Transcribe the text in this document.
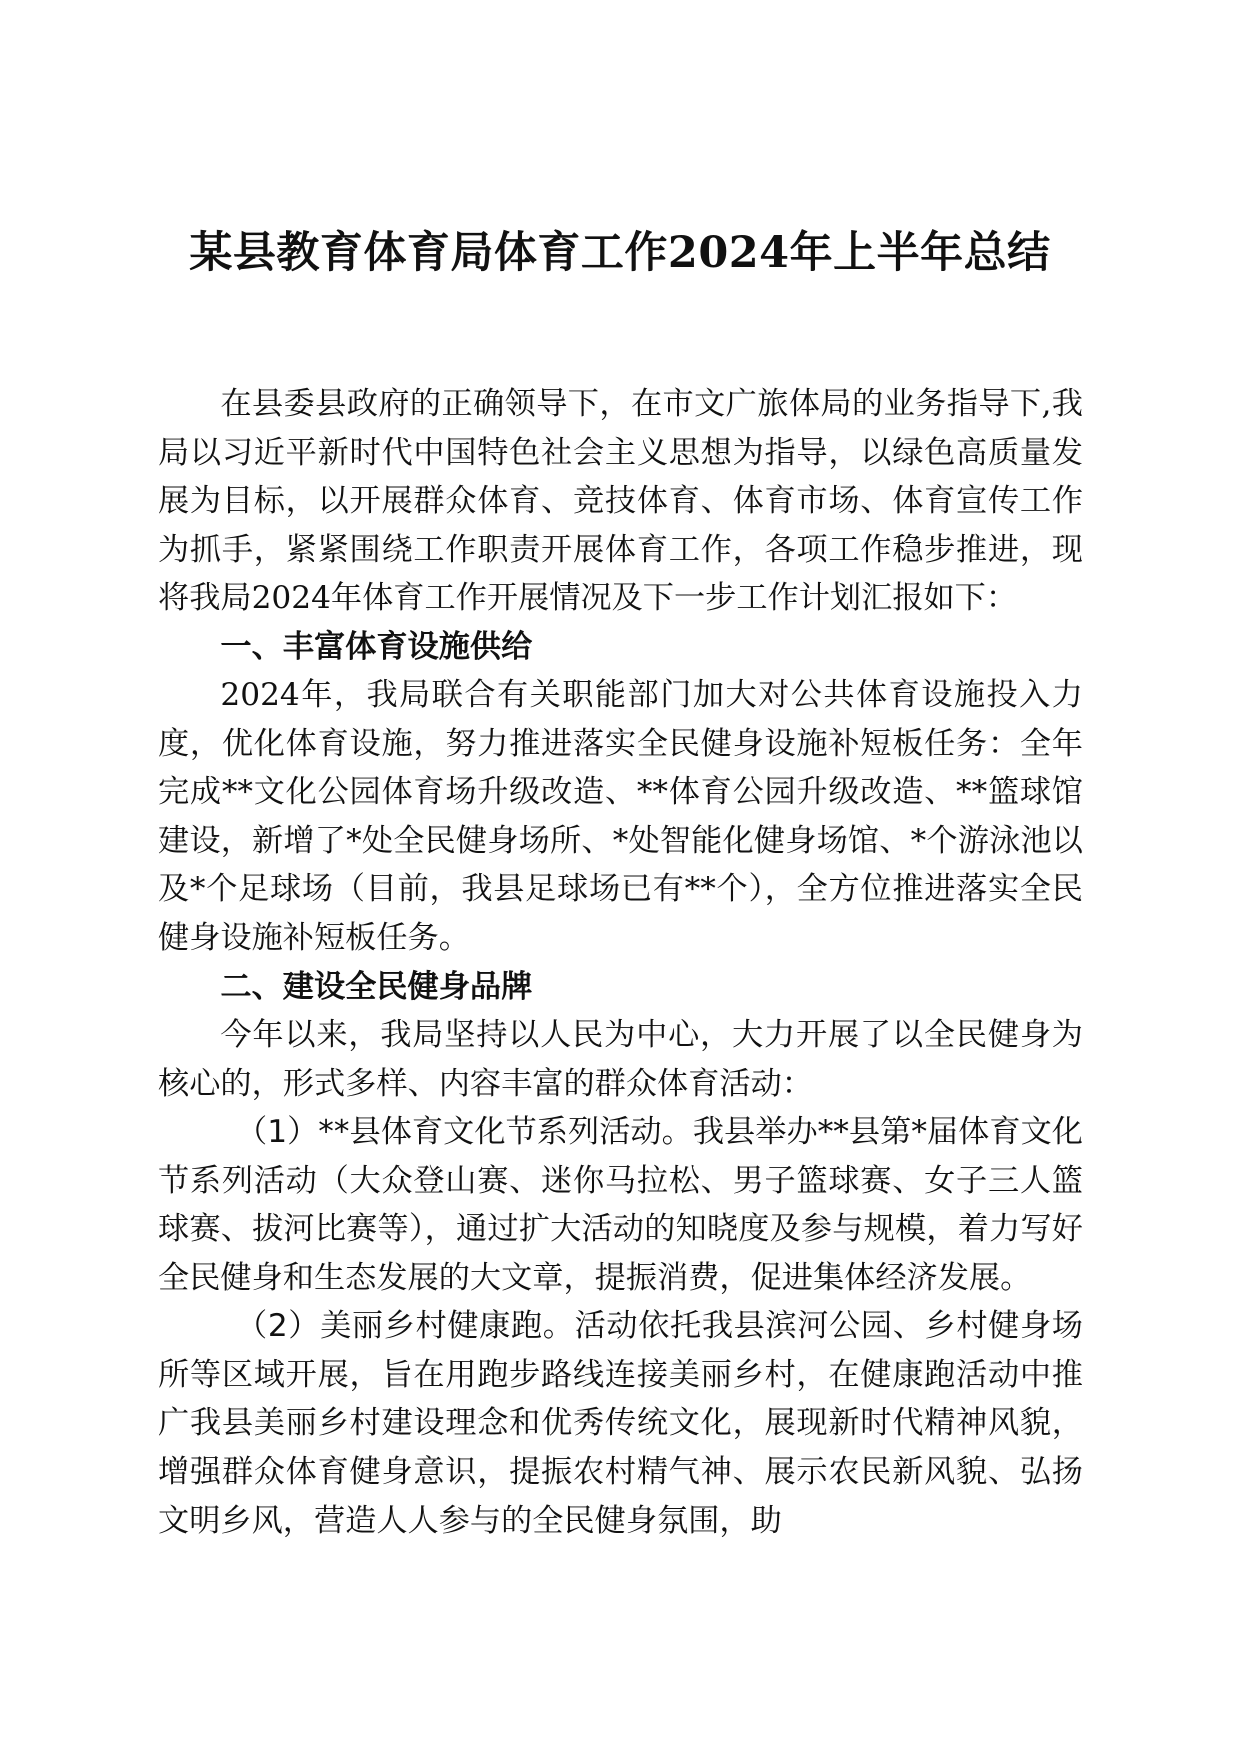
某县教育体育局体育工作2024年上半年总结

在县委县政府的正确领导下，在市文广旅体局的业务指导下,我局以习近平新时代中国特色社会主义思想为指导，以绿色高质量发展为目标，以开展群众体育、竞技体育、体育市场、体育宣传工作为抓手，紧紧围绕工作职责开展体育工作，各项工作稳步推进，现将我局2024年体育工作开展情况及下一步工作计划汇报如下：

一、丰富体育设施供给

2024年，我局联合有关职能部门加大对公共体育设施投入力度，优化体育设施，努力推进落实全民健身设施补短板任务：全年完成**文化公园体育场升级改造、**体育公园升级改造、**篮球馆建设，新增了*处全民健身场所、*处智能化健身场馆、*个游泳池以及*个足球场（目前，我县足球场已有**个），全方位推进落实全民健身设施补短板任务。

二、建设全民健身品牌

今年以来，我局坚持以人民为中心，大力开展了以全民健身为核心的，形式多样、内容丰富的群众体育活动：

（1）**县体育文化节系列活动。我县举办**县第*届体育文化节系列活动（大众登山赛、迷你马拉松、男子篮球赛、女子三人篮球赛、拔河比赛等），通过扩大活动的知晓度及参与规模，着力写好全民健身和生态发展的大文章，提振消费，促进集体经济发展。

（2）美丽乡村健康跑。活动依托我县滨河公园、乡村健身场所等区域开展，旨在用跑步路线连接美丽乡村，在健康跑活动中推广我县美丽乡村建设理念和优秀传统文化，展现新时代精神风貌，增强群众体育健身意识，提振农村精气神、展示农民新风貌、弘扬文明乡风，营造人人参与的全民健身氛围，助
